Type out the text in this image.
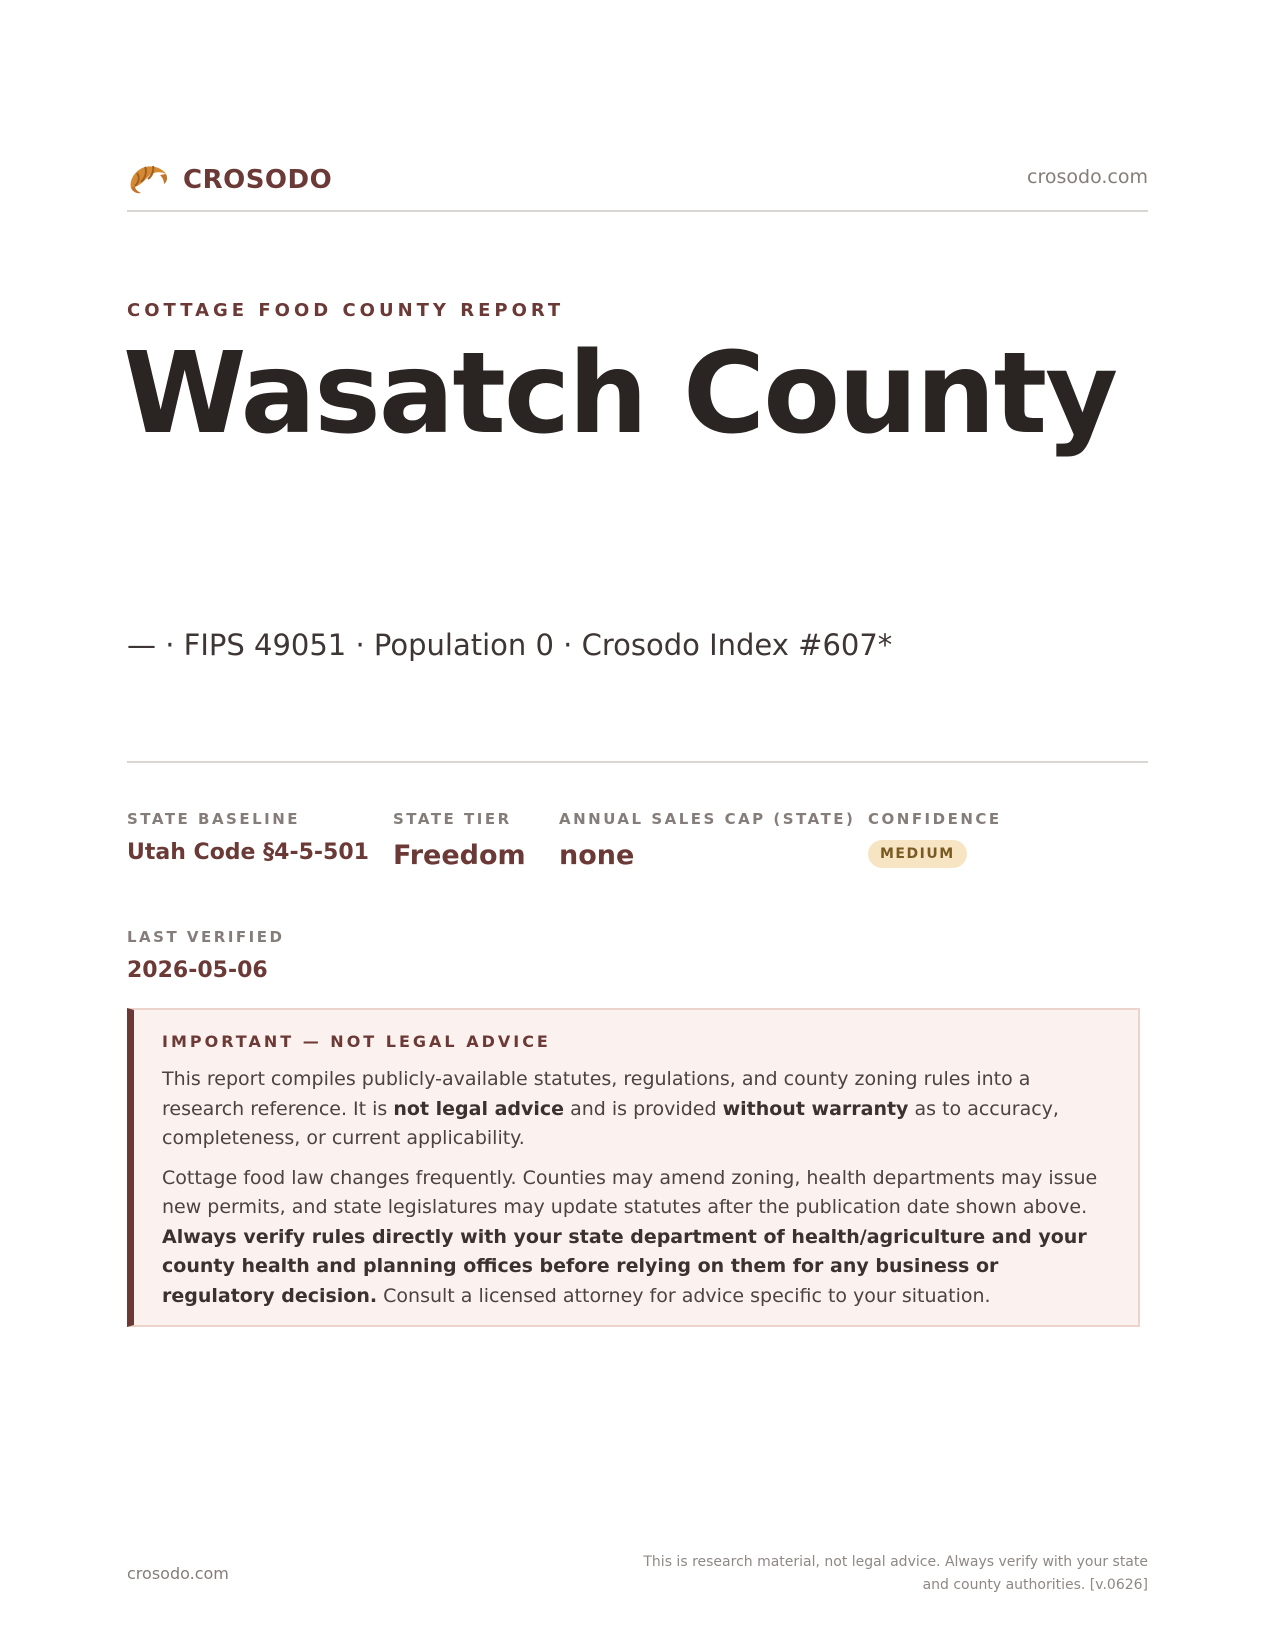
CROSODO	crosodo.com
COTTAGE FOOD COUNTY REPORT
Wasatch County
— · FIPS 49051 · Population 0 · Crosodo Index #607*
STATE BASELINE
Utah Code §4-5-501
STATE TIER
Freedom
ANNUAL SALES CAP (STATE)
none
CONFIDENCE
MEDIUM
LAST VERIFIED
2026-05-06
IMPORTANT — NOT LEGAL ADVICE

This report compiles publicly-available statutes, regulations, and county zoning rules into a research reference. It is not legal advice and is provided without warranty as to accuracy, completeness, or current applicability.

Cottage food law changes frequently. Counties may amend zoning, health departments may issue new permits, and state legislatures may update statutes after the publication date shown above. Always verify rules directly with your state department of health/agriculture and your county health and planning offices before relying on them for any business or regulatory decision. Consult a licensed attorney for advice specific to your situation.

crosodo.com
This is research material, not legal advice. Always verify with your state
and county authorities. [v.0626]
